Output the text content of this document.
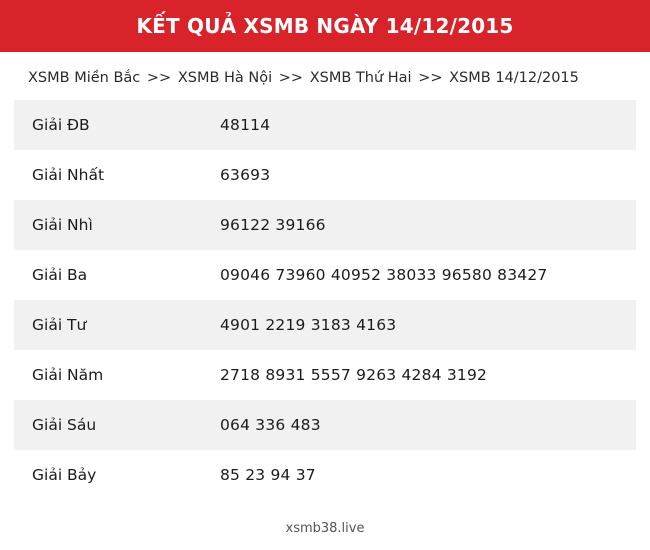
KẾT QUẢ XSMB NGÀY 14/12/2015
XSMB Miền Bắc >> XSMB Hà Nội >> XSMB Thứ Hai >> XSMB 14/12/2015
Giải ĐB	48114
Giải Nhất	63693
Giải Nhì	96122 39166
Giải Ba	09046 73960 40952 38033 96580 83427
Giải Tư	4901 2219 3183 4163
Giải Năm	2718 8931 5557 9263 4284 3192
Giải Sáu	064 336 483
Giải Bảy	85 23 94 37
xsmb38.live
